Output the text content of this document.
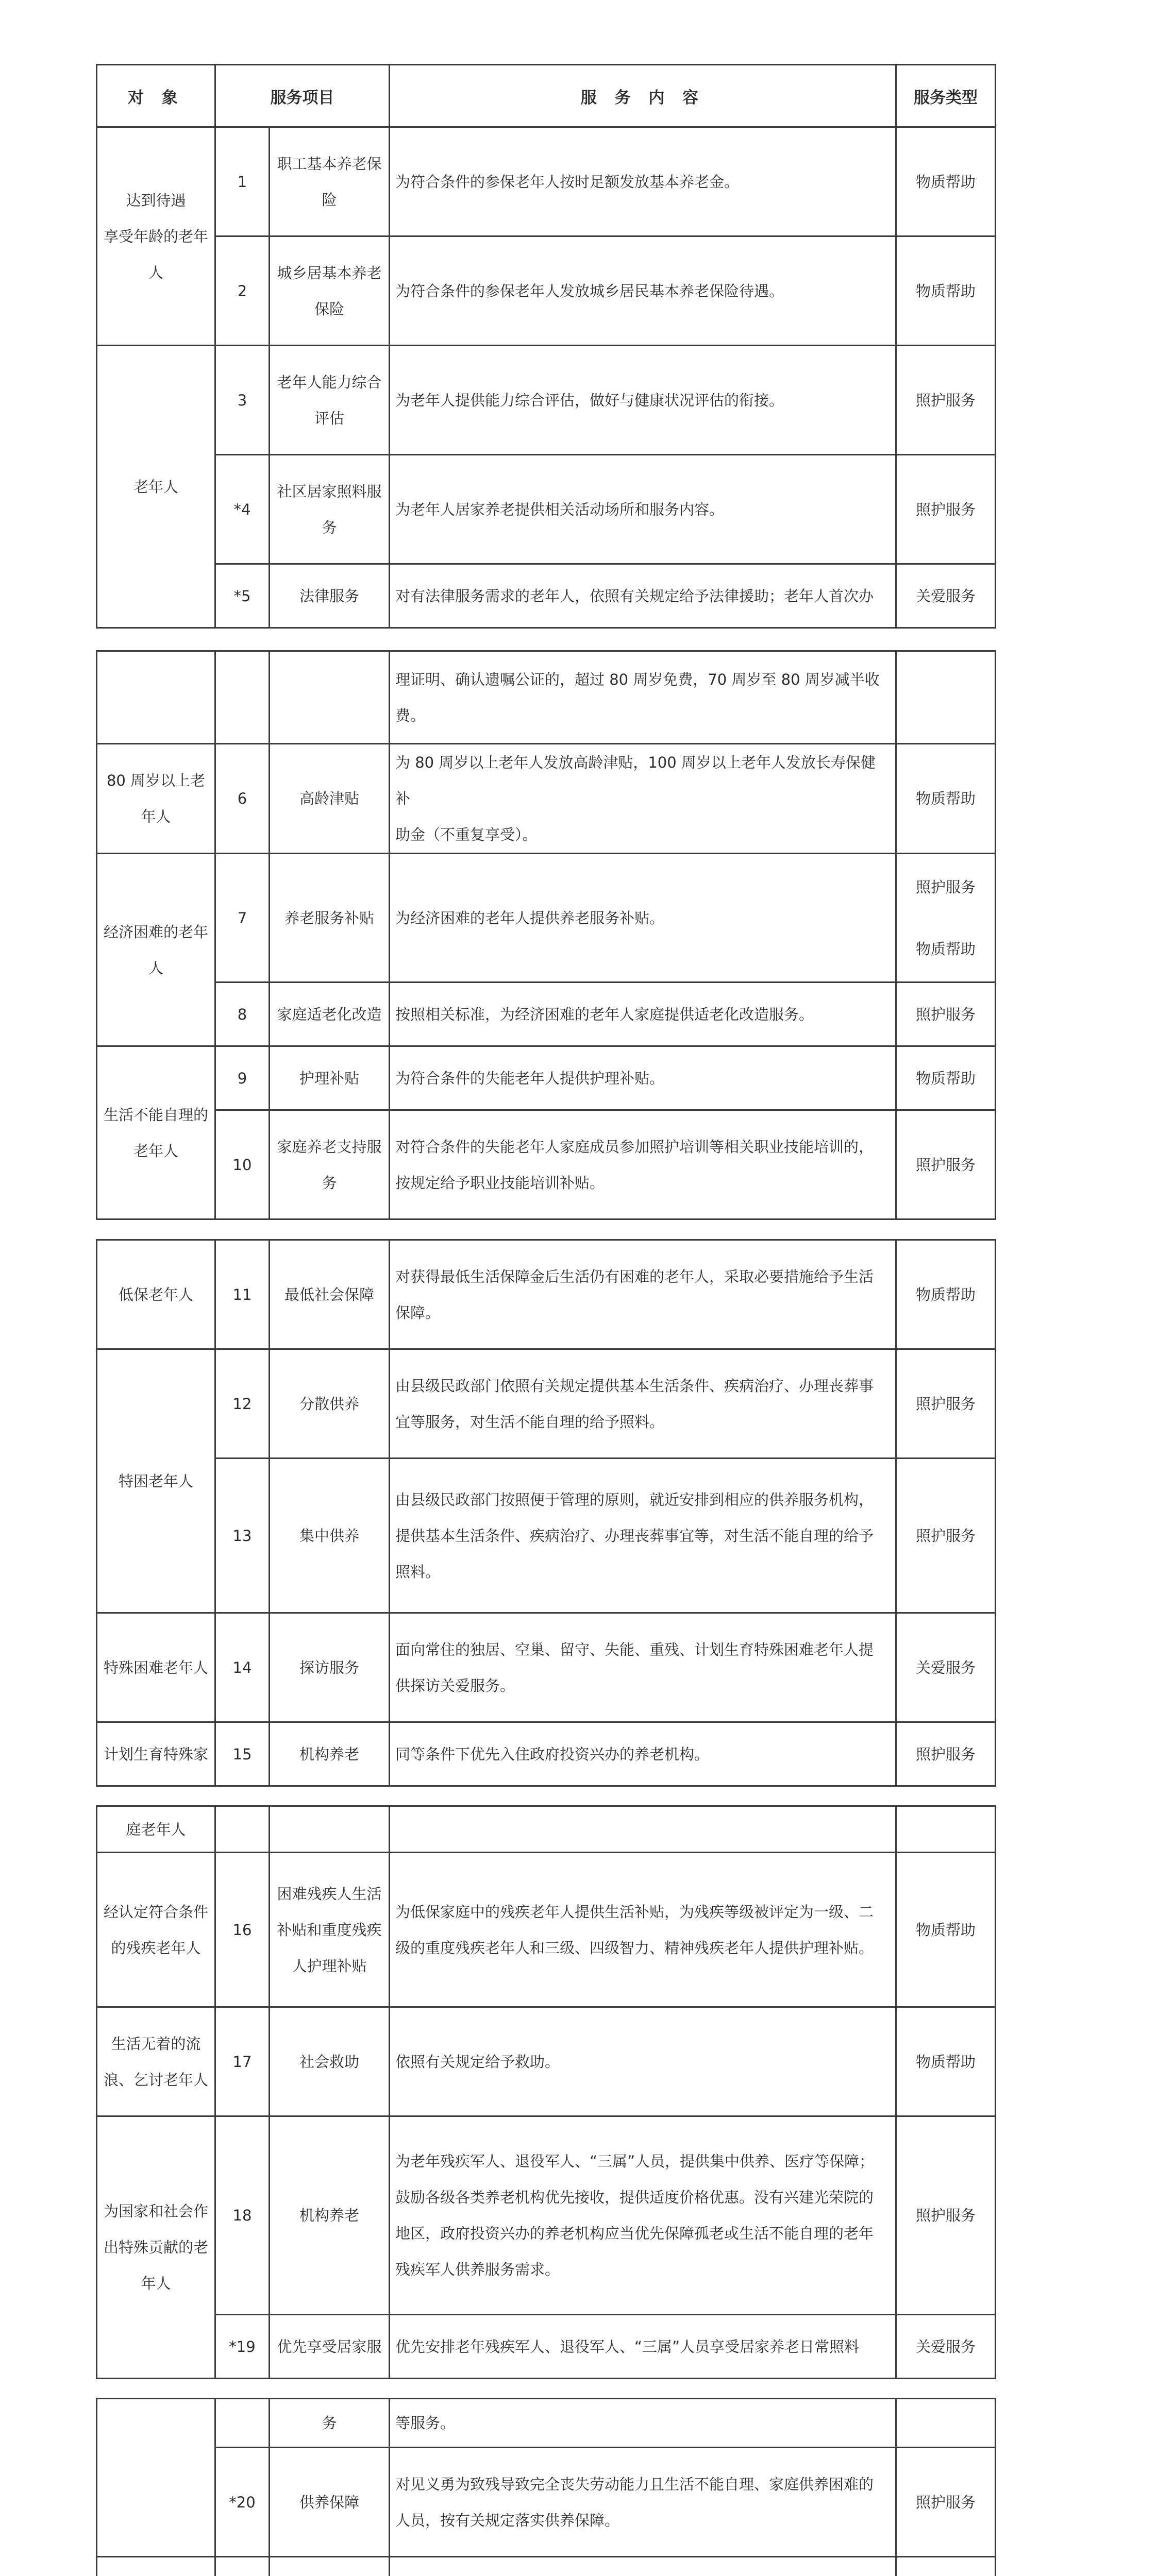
对 象	服务项目		服 务 内 容	服务类型

达到待遇
享受年龄的老年
人	1	职工基本养老保
险	为符合条件的参保老年人按时足额发放基本养老金。	物质帮助

	2	城乡居基本养老
保险	为符合条件的参保老年人发放城乡居民基本养老保险待遇。	物质帮助

老年人	3	老年人能力综合
评估	为老年人提供能力综合评估，做好与健康状况评估的衔接。	照护服务

	*4	社区居家照料服
务	为老年人居家养老提供相关活动场所和服务内容。	照护服务

	*5	法律服务	对有法律服务需求的老年人，依照有关规定给予法律援助；老年人首次办	关爱服务

			理证明、确认遗嘱公证的，超过 80 周岁免费，70 周岁至 80 周岁减半收
费。	

80 周岁以上老
年人	6	高龄津贴	为 80 周岁以上老年人发放高龄津贴，100 周岁以上老年人发放长寿保健补
助金（不重复享受）。	物质帮助

经济困难的老年
人	7	养老服务补贴	为经济困难的老年人提供养老服务补贴。	照护服务
物质帮助

	8	家庭适老化改造	按照相关标准，为经济困难的老年人家庭提供适老化改造服务。	照护服务

生活不能自理的
老年人	9	护理补贴	为符合条件的失能老年人提供护理补贴。	物质帮助

	10	家庭养老支持服
务	对符合条件的失能老年人家庭成员参加照护培训等相关职业技能培训的，
按规定给予职业技能培训补贴。	照护服务
低保老年人	11	最低社会保障	对获得最低生活保障金后生活仍有困难的老年人，采取必要措施给予生活
保障。	物质帮助

特困老年人	12	分散供养	由县级民政部门依照有关规定提供基本生活条件、疾病治疗、办理丧葬事
宜等服务，对生活不能自理的给予照料。	照护服务

	13	集中供养	由县级民政部门按照便于管理的原则，就近安排到相应的供养服务机构，
提供基本生活条件、疾病治疗、办理丧葬事宜等，对生活不能自理的给予
照料。	照护服务

特殊困难老年人	14	探访服务	面向常住的独居、空巢、留守、失能、重残、计划生育特殊困难老年人提
供探访关爱服务。	关爱服务

计划生育特殊家	15	机构养老	同等条件下优先入住政府投资兴办的养老机构。	照护服务
庭老年人				

经认定符合条件
的残疾老年人	16	困难残疾人生活
补贴和重度残疾
人护理补贴	为低保家庭中的残疾老年人提供生活补贴，为残疾等级被评定为一级、二
级的重度残疾老年人和三级、四级智力、精神残疾老年人提供护理补贴。	物质帮助

生活无着的流
浪、乞讨老年人	17	社会救助	依照有关规定给予救助。	物质帮助

为国家和社会作
出特殊贡献的老
年人	18	机构养老	为老年残疾军人、退役军人、“三属”人员，提供集中供养、医疗等保障；
鼓励各级各类养老机构优先接收，提供适度价格优惠。没有兴建光荣院的
地区，政府投资兴办的养老机构应当优先保障孤老或生活不能自理的老年
残疾军人供养服务需求。	照护服务

	*19	优先享受居家服	优先安排老年残疾军人、退役军人、“三属”人员享受居家养老日常照料	关爱服务

		务	等服务。	

	*20	供养保障	对见义勇为致残导致完全丧失劳动能力且生活不能自理、家庭供养困难的
人员，按有关规定落实供养保障。	照护服务
